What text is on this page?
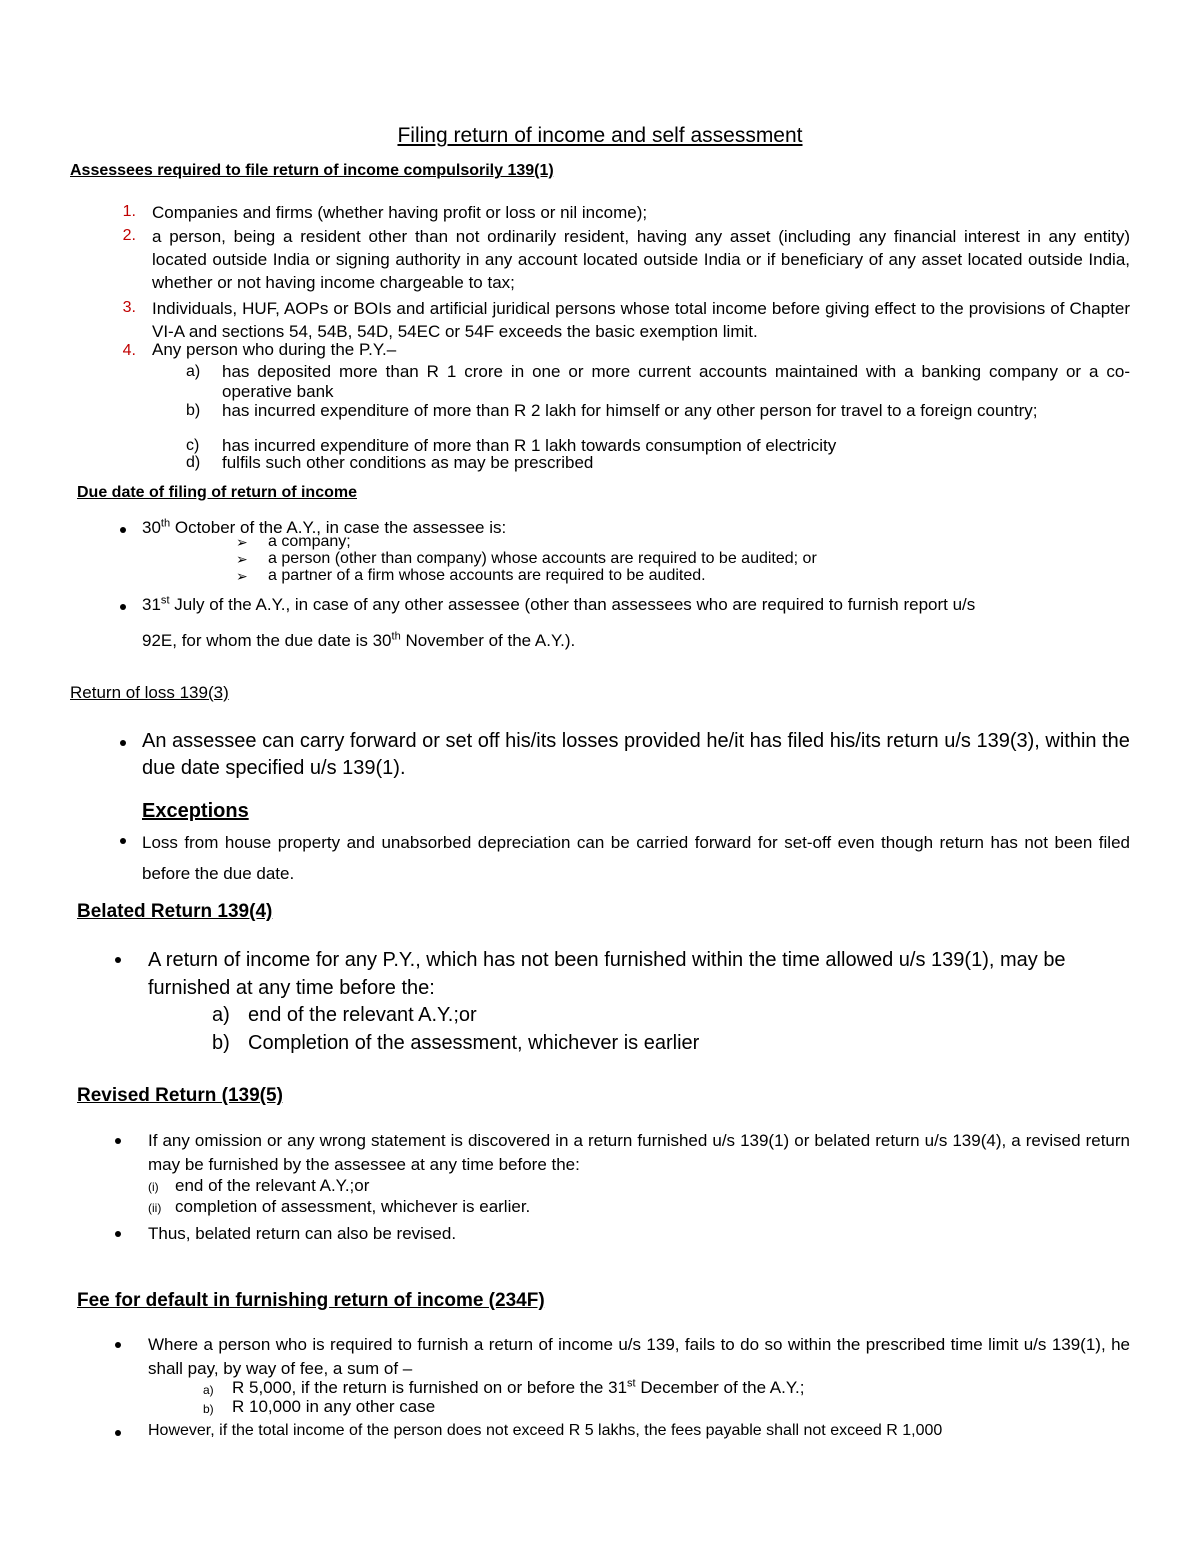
Filing return of income and self assessment
Assessees required to file return of income compulsorily 139(1)
1. Companies and firms (whether having profit or loss or nil income);
2. a person, being a resident other than not ordinarily resident, having any asset (including any financial interest in any entity) located outside India or signing authority in any account located outside India or if beneficiary of any asset located outside India, whether or not having income chargeable to tax;
3. Individuals, HUF, AOPs or BOIs and artificial juridical persons whose total income before giving effect to the provisions of Chapter VI-A and sections 54, 54B, 54D, 54EC or 54F exceeds the basic exemption limit.
4. Any person who during the P.Y.–
a) has deposited more than R 1 crore in one or more current accounts maintained with a banking company or a co- operative bank
b) has incurred expenditure of more than R 2 lakh for himself or any other person for travel to a foreign country;
c) has incurred expenditure of more than R 1 lakh towards consumption of electricity
d) fulfils such other conditions as may be prescribed
Due date of filing of return of income
30th October of the A.Y., in case the assessee is:
➢ a company;
➢ a person (other than company) whose accounts are required to be audited; or
➢ a partner of a firm whose accounts are required to be audited.
31st July of the A.Y., in case of any other assessee (other than assessees who are required to furnish report u/s
92E, for whom the due date is 30th November of the A.Y.).
Return of loss 139(3)
An assessee can carry forward or set off his/its losses provided he/it has filed his/its return u/s 139(3), within the due date specified u/s 139(1).
Exceptions
Loss from house property and unabsorbed depreciation can be carried forward for set-off even though return has not been filed before the due date.
Belated Return 139(4)
A return of income for any P.Y., which has not been furnished within the time allowed u/s 139(1), may be furnished at any time before the:
a) end of the relevant A.Y.;or
b) Completion of the assessment, whichever is earlier
Revised Return (139(5)
If any omission or any wrong statement is discovered in a return furnished u/s 139(1) or belated return u/s 139(4), a revised return may be furnished by the assessee at any time before the:
(i) end of the relevant A.Y.;or
(ii) completion of assessment, whichever is earlier.
Thus, belated return can also be revised.
Fee for default in furnishing return of income (234F)
Where a person who is required to furnish a return of income u/s 139, fails to do so within the prescribed time limit u/s 139(1), he shall pay, by way of fee, a sum of –
a) R 5,000, if the return is furnished on or before the 31st December of the A.Y.;
b) R 10,000 in any other case
However, if the total income of the person does not exceed R 5 lakhs, the fees payable shall not exceed R 1,000
